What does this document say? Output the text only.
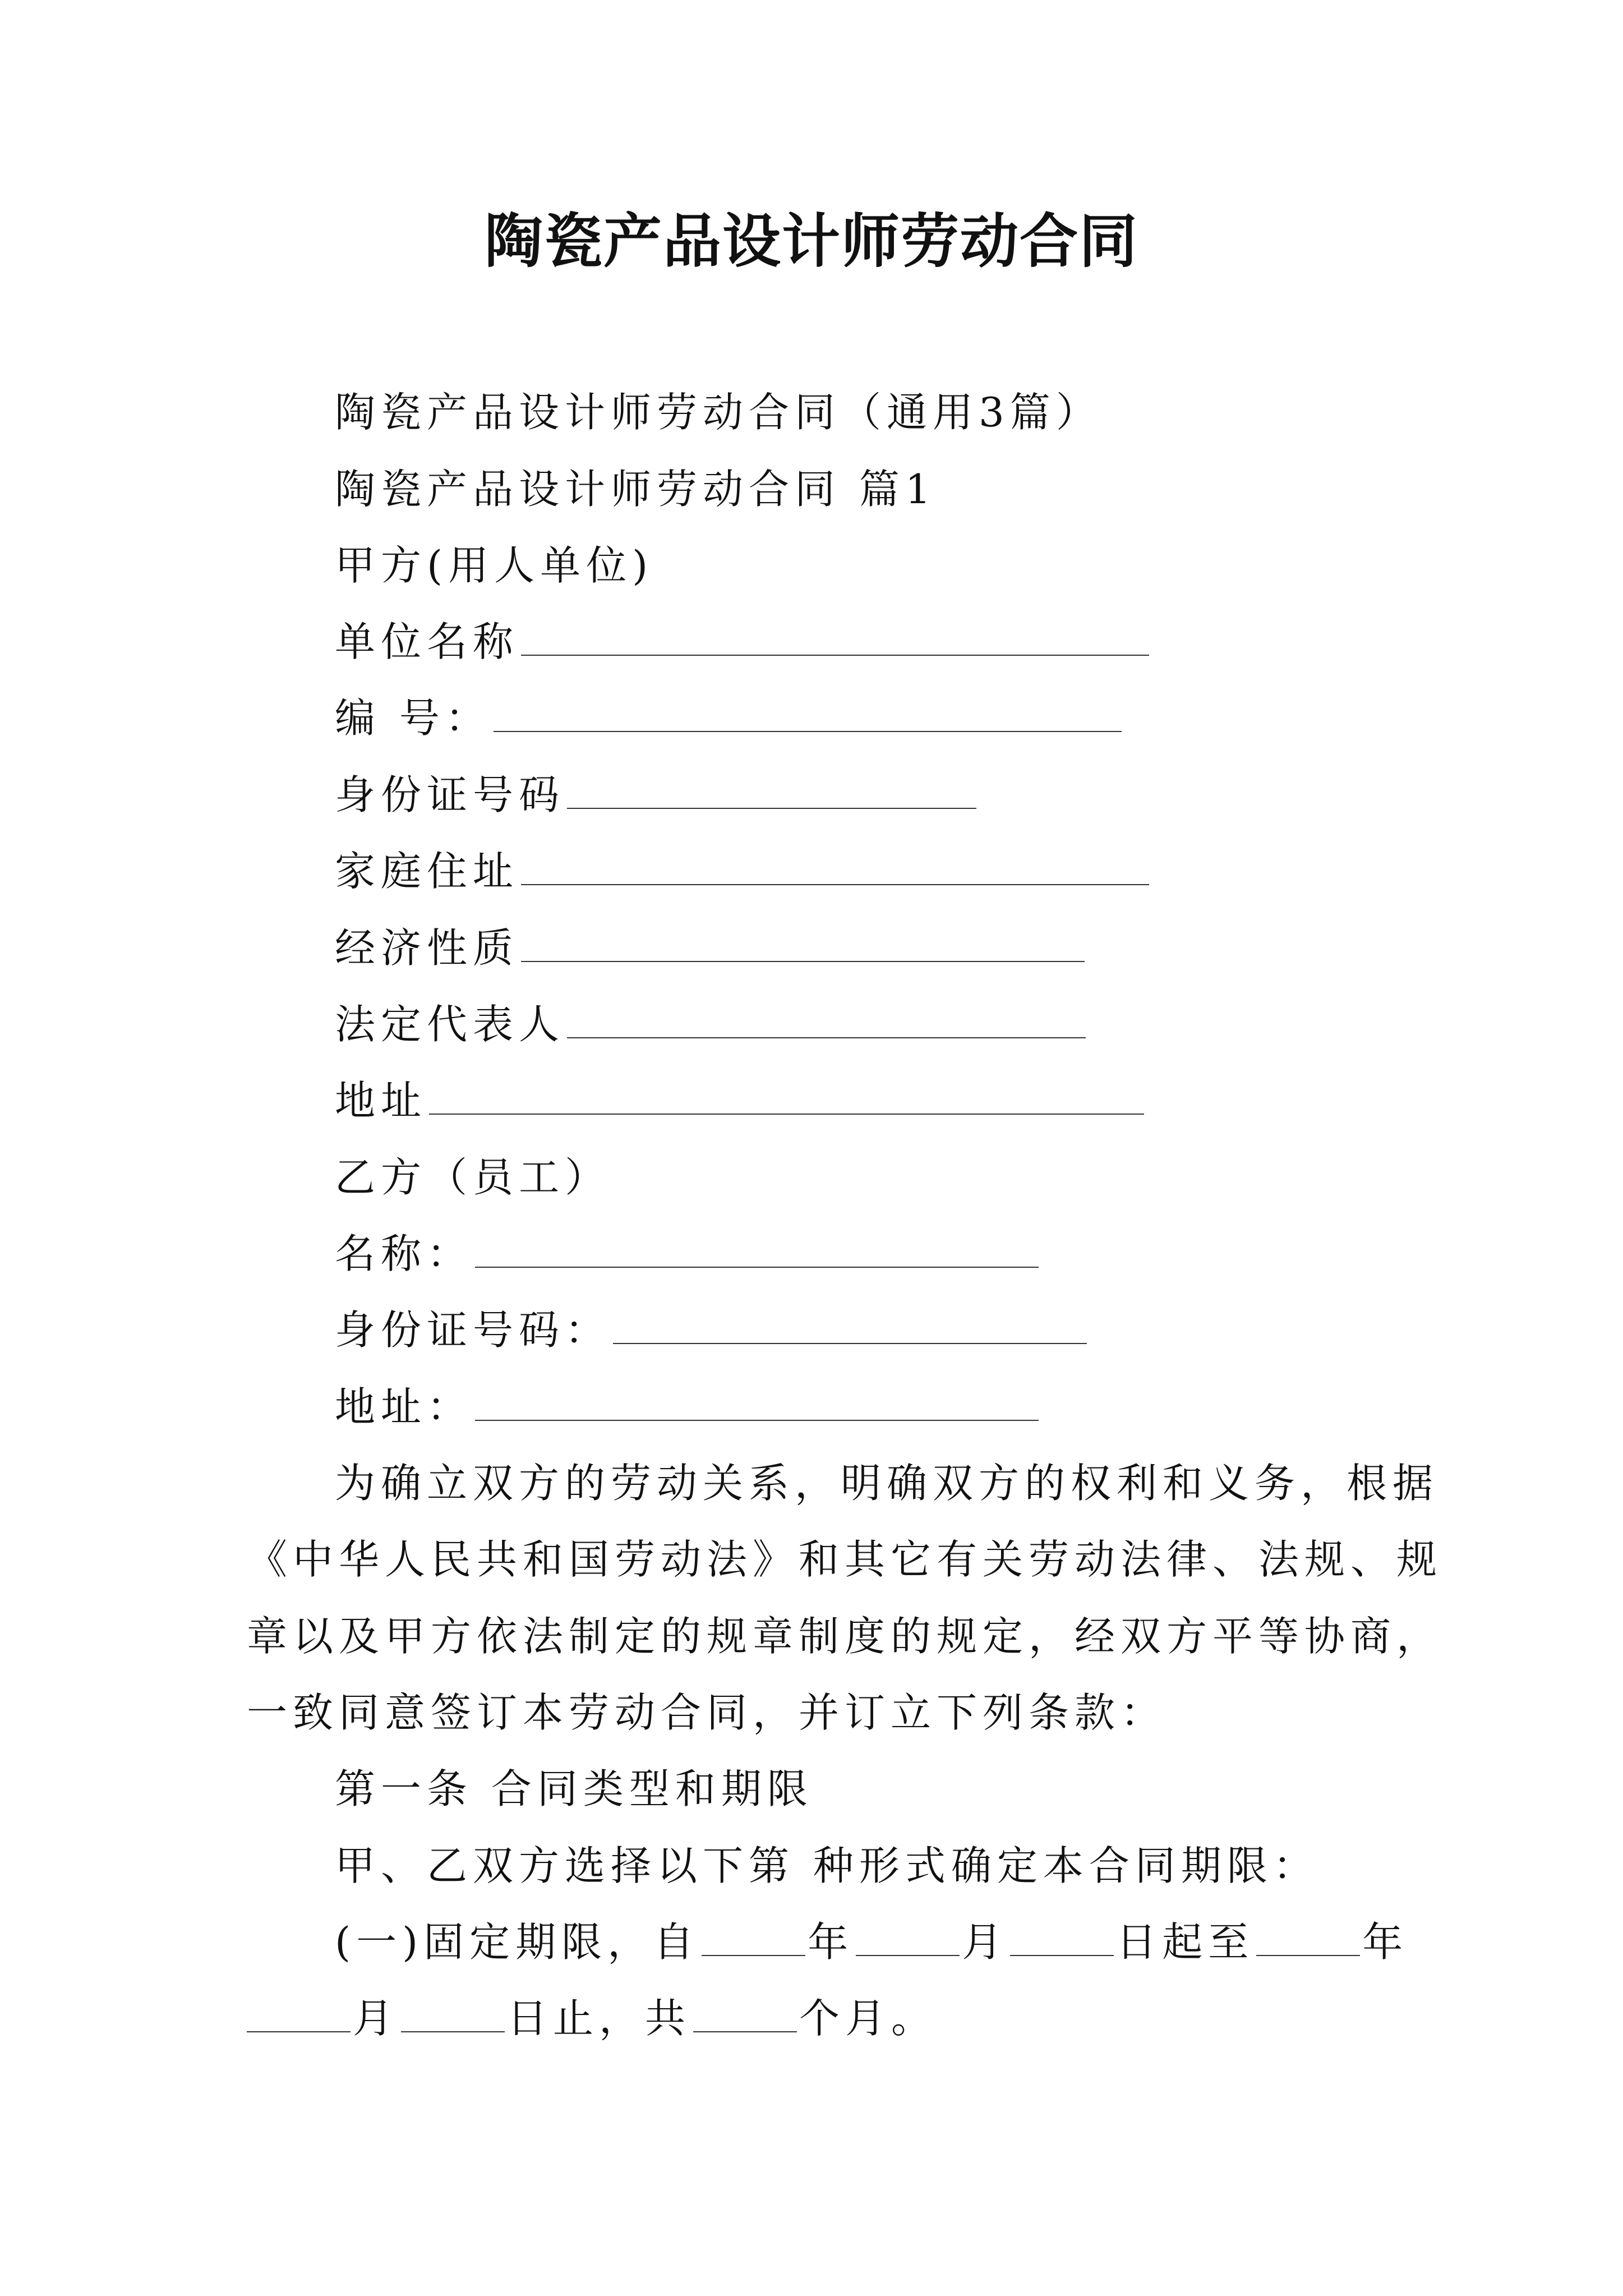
陶瓷产品设计师劳动合同
陶瓷产品设计师劳动合同（通用3篇）
陶瓷产品设计师劳动合同 篇1
甲方(用人单位)
单位名称
编 号：
身份证号码
家庭住址
经济性质
法定代表人
地址
乙方（员工）
名称：
身份证号码：
地址：
为确立双方的劳动关系，明确双方的权利和义务，根据
《中华人民共和国劳动法》和其它有关劳动法律、法规、规
章以及甲方依法制定的规章制度的规定，经双方平等协商，
一致同意签订本劳动合同，并订立下列条款：
第一条 合同类型和期限
甲、乙双方选择以下第 种形式确定本合同期限：
(一)固定期限，自	年	月	日起至	年
月	日止，共	个月。
